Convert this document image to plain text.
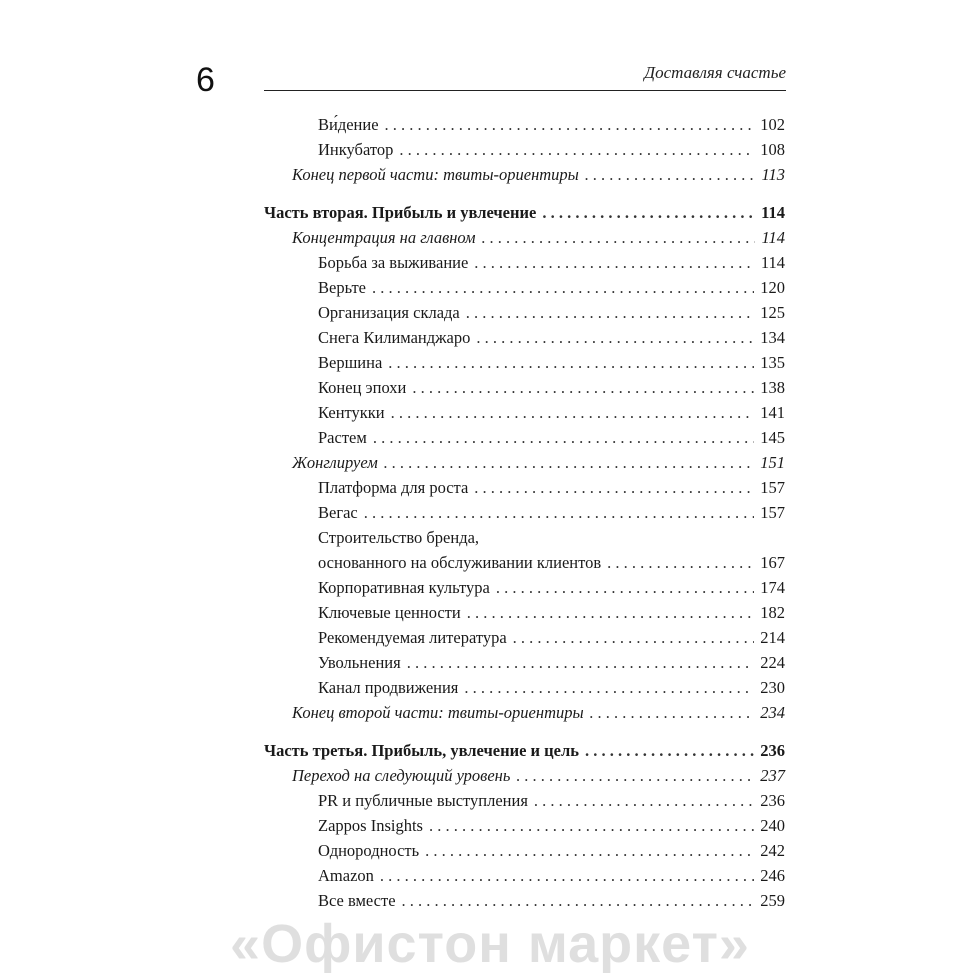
6	Доставляя счастье
Ви́дение . . .	102
Инкубатор . . .	108
Конец первой части: твиты-ориентиры . . .	113
Часть вторая. Прибыль и увлечение . . .	114
Концентрация на главном . . .	114
Борьба за выживание . . .	114
Верьте . . .	120
Организация склада . . .	125
Снега Килиманджаро . . .	134
Вершина . . .	135
Конец эпохи . . .	138
Кентукки . . .	141
Растем . . .	145
Жонглируем . . .	151
Платформа для роста . . .	157
Вегас . . .	157
Строительство бренда,
основанного на обслуживании клиентов . . .	167
Корпоративная культура . . .	174
Ключевые ценности . . .	182
Рекомендуемая литература . . .	214
Увольнения . . .	224
Канал продвижения . . .	230
Конец второй части: твиты-ориентиры . . .	234
Часть третья. Прибыль, увлечение и цель . . .	236
Переход на следующий уровень . . .	237
PR и публичные выступления . . .	236
Zappos Insights . . .	240
Однородность . . .	242
Amazon . . .	246
Все вместе . . .	259
«Офистон маркет»
